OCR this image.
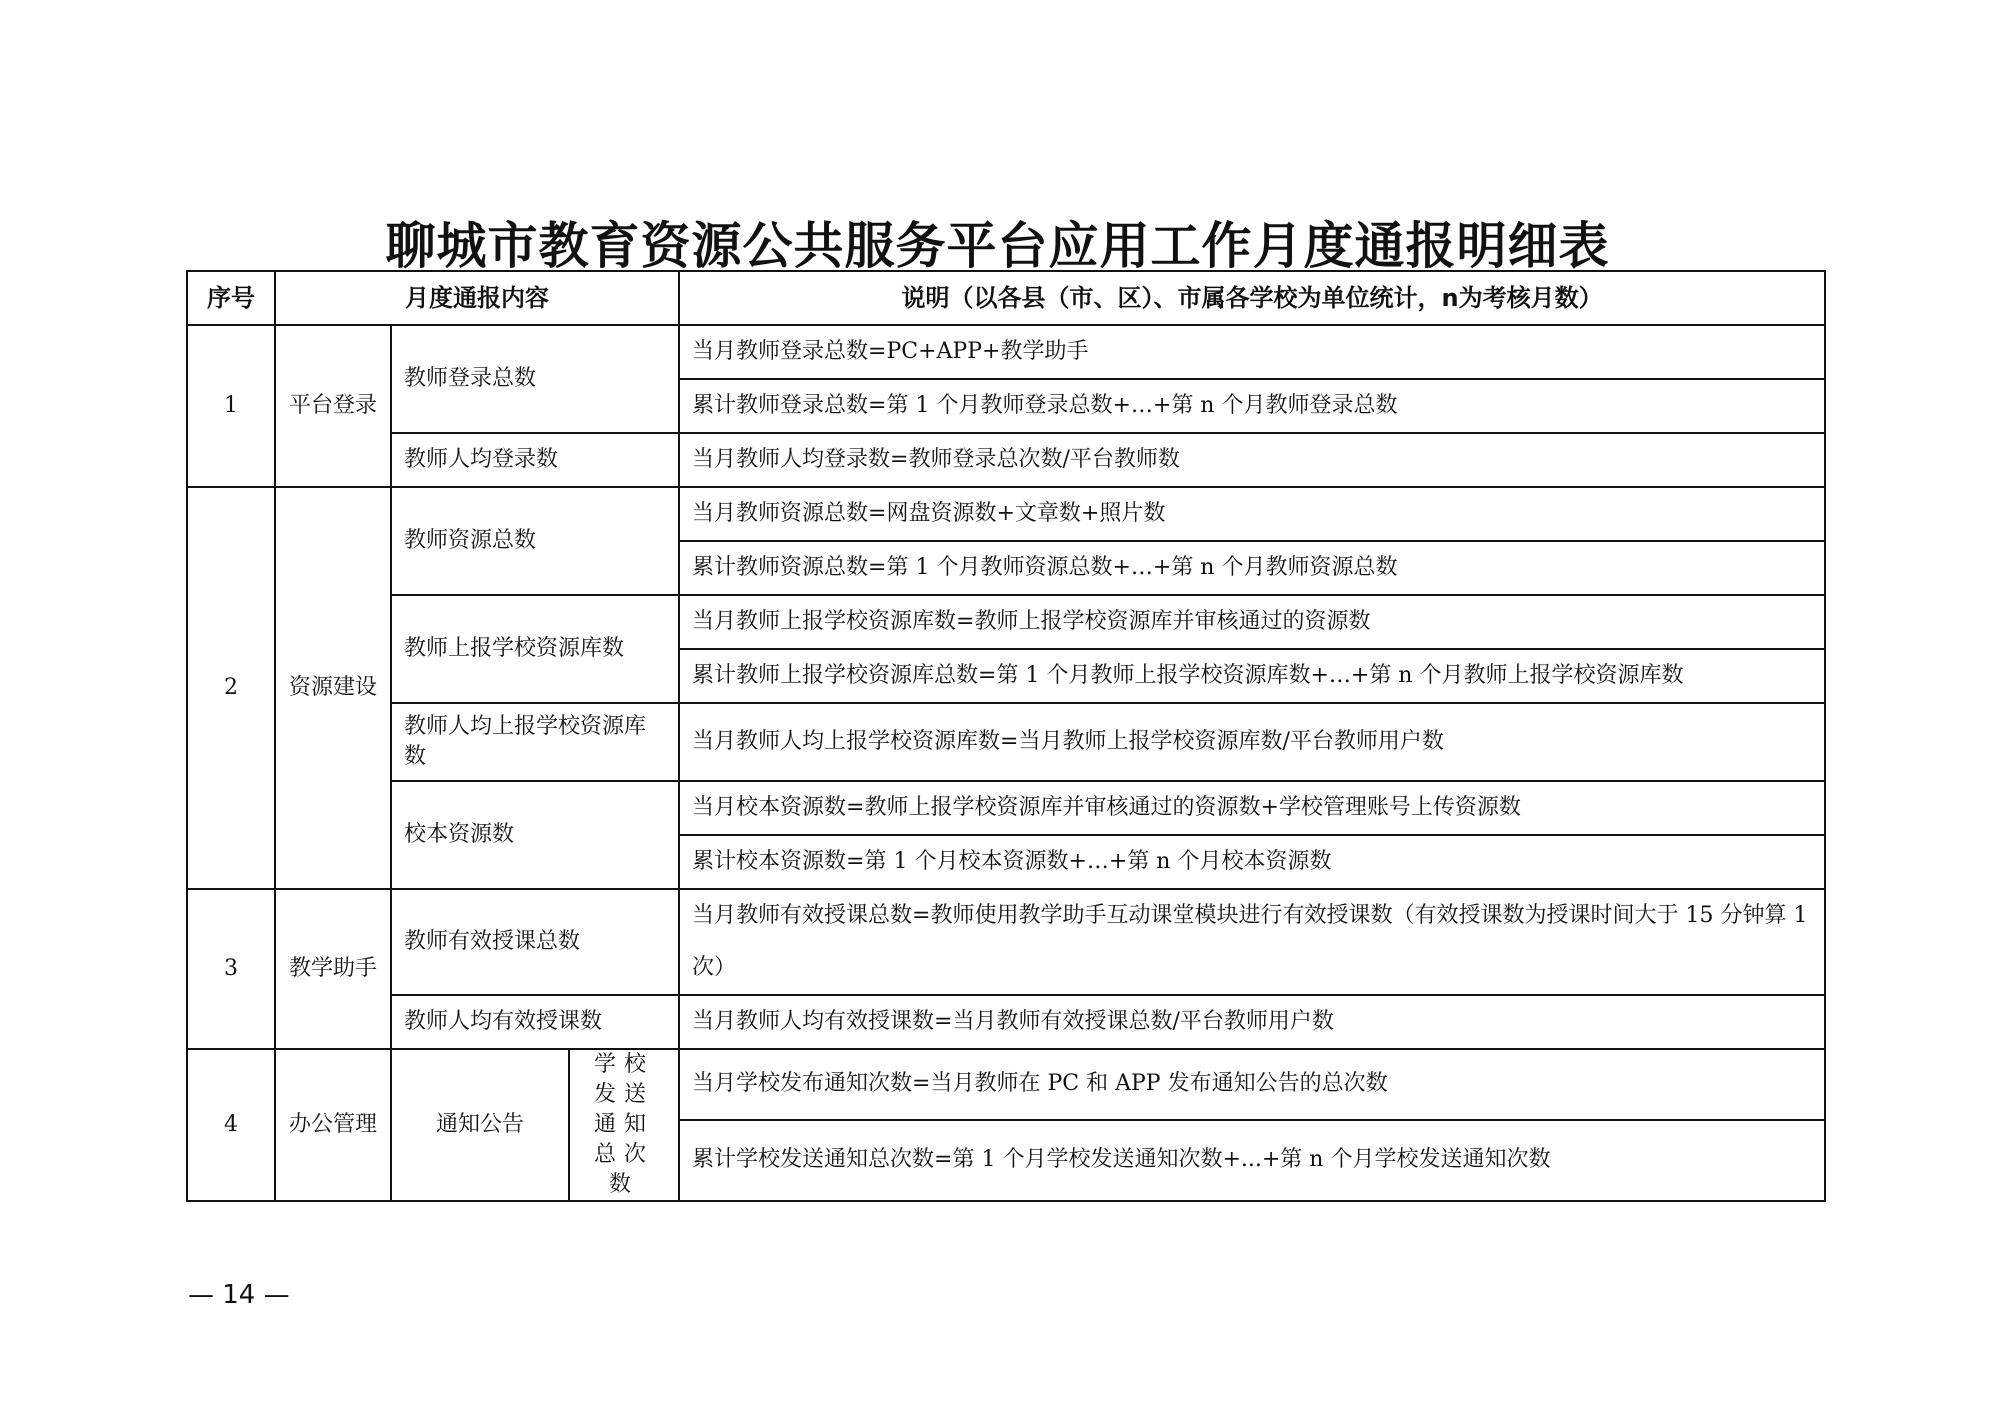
聊城市教育资源公共服务平台应用工作月度通报明细表
序号	月度通报内容			说明（以各县（市、区）、市属各学校为单位统计，n为考核月数）
1	平台登录	教师登录总数		当月教师登录总数=PC+APP+教学助手
				累计教师登录总数=第 1 个月教师登录总数+…+第 n 个月教师登录总数
		教师人均登录数		当月教师人均登录数=教师登录总次数/平台教师数
2	资源建设	教师资源总数		当月教师资源总数=网盘资源数+文章数+照片数
				累计教师资源总数=第 1 个月教师资源总数+…+第 n 个月教师资源总数
		教师上报学校资源库数		当月教师上报学校资源库数=教师上报学校资源库并审核通过的资源数
				累计教师上报学校资源库总数=第 1 个月教师上报学校资源库数+…+第 n 个月教师上报学校资源库数
		教师人均上报学校资源库数		当月教师人均上报学校资源库数=当月教师上报学校资源库数/平台教师用户数
		校本资源数		当月校本资源数=教师上报学校资源库并审核通过的资源数+学校管理账号上传资源数
				累计校本资源数=第 1 个月校本资源数+…+第 n 个月校本资源数
3	教学助手	教师有效授课总数		当月教师有效授课总数=教师使用教学助手互动课堂模块进行有效授课数（有效授课数为授课时间大于 15 分钟算 1 次）
		教师人均有效授课数		当月教师人均有效授课数=当月教师有效授课总数/平台教师用户数
4	办公管理	通知公告	学校发送通知总次数	当月学校发布通知次数=当月教师在 PC 和 APP 发布通知公告的总次数
				累计学校发送通知总次数=第 1 个月学校发送通知次数+...+第 n 个月学校发送通知次数
— 14 —
